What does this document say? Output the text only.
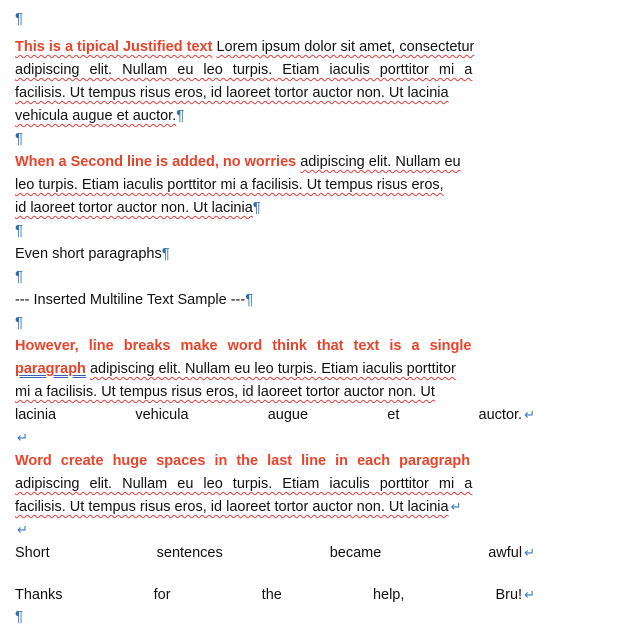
¶
This is a tipical Justified text Lorem ipsum dolor sit amet, consectetur
adipiscing elit. Nullam eu leo turpis. Etiam iaculis porttitor mi a
facilisis. Ut tempus risus eros, id laoreet tortor auctor non. Ut lacinia
vehicula augue et auctor.¶
¶
When a Second line is added, no worries adipiscing elit. Nullam eu
leo turpis. Etiam iaculis porttitor mi a facilisis. Ut tempus risus eros,
id laoreet tortor auctor non. Ut lacinia¶
¶
Even short paragraphs¶
¶
--- Inserted Multiline Text Sample ---¶
¶
However, line breaks make word think that text is a single
paragraph adipiscing elit. Nullam eu leo turpis. Etiam iaculis porttitor
mi a facilisis. Ut tempus risus eros, id laoreet tortor auctor non. Ut
lacinia	vehicula	augue	et	auctor. ↵
↵
Word create huge spaces in the last line in each paragraph
adipiscing elit. Nullam eu leo turpis. Etiam iaculis porttitor mi a
facilisis. Ut tempus risus eros, id laoreet tortor auctor non. Ut lacinia ↵
↵
Short	sentences	became	awful ↵
Thanks	for	the	help,	Bru! ↵
¶
